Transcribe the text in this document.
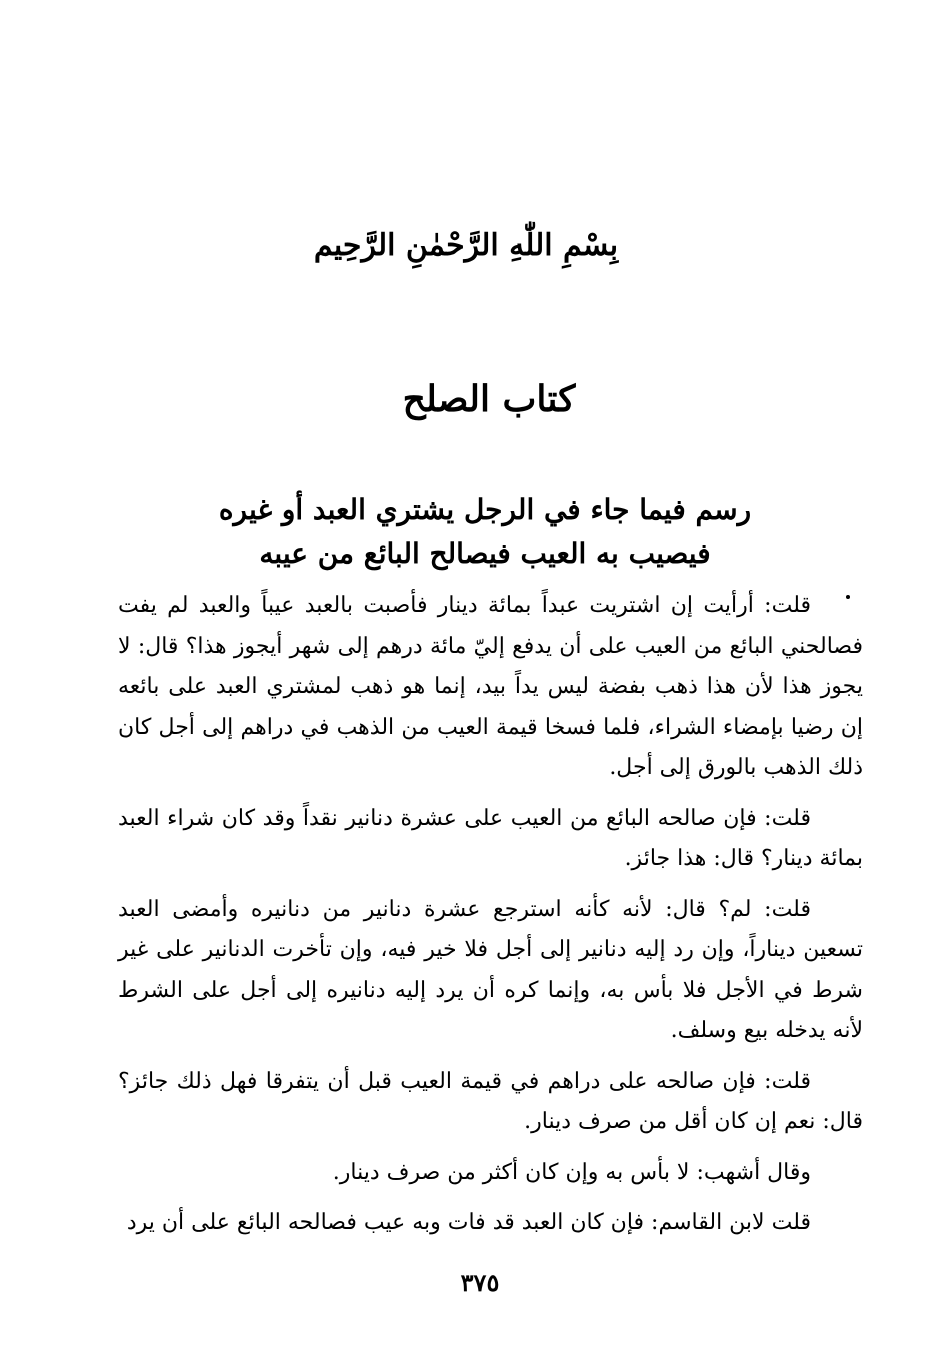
بِسْمِ اللّٰهِ الرَّحْمٰنِ الرَّحِيم
كتاب الصلح
رسم فيما جاء في الرجل يشتري العبد أو غيره
فيصيب به العيب فيصالح البائع من عيبه

قلت: أرأيت إن اشتريت عبداً بمائة دينار فأصبت بالعبد عيباً والعبد لم يفت فصالحني البائع من العيب على أن يدفع إليّ مائة درهم إلى شهر أيجوز هذا؟ قال: لا يجوز هذا لأن هذا ذهب بفضة ليس يداً بيد، إنما هو ذهب لمشتري العبد على بائعه إن رضيا بإمضاء الشراء، فلما فسخا قيمة العيب من الذهب في دراهم إلى أجل كان ذلك الذهب بالورق إلى أجل.

قلت: فإن صالحه البائع من العيب على عشرة دنانير نقداً وقد كان شراء العبد بمائة دينار؟ قال: هذا جائز.

قلت: لم؟ قال: لأنه كأنه استرجع عشرة دنانير من دنانيره وأمضى العبد تسعين ديناراً، وإن رد إليه دنانير إلى أجل فلا خير فيه، وإن تأخرت الدنانير على غير شرط في الأجل فلا بأس به، وإنما كره أن يرد إليه دنانيره إلى أجل على الشرط لأنه يدخله بيع وسلف.

قلت: فإن صالحه على دراهم في قيمة العيب قبل أن يتفرقا فهل ذلك جائز؟ قال: نعم إن كان أقل من صرف دينار.

وقال أشهب: لا بأس به وإن كان أكثر من صرف دينار.

قلت لابن القاسم: فإن كان العبد قد فات وبه عيب فصالحه البائع على أن يرد

٣٧٥
